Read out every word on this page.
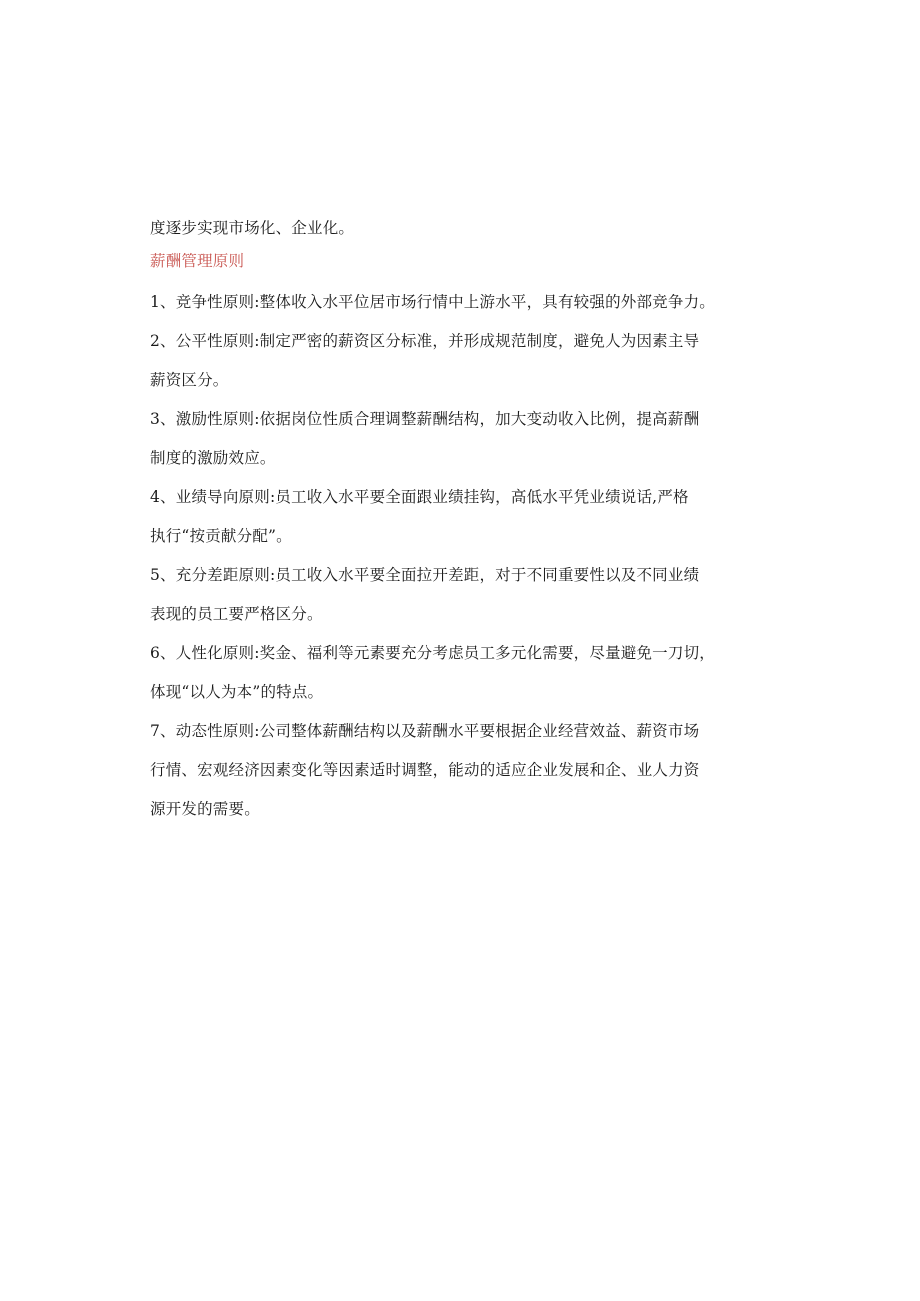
度逐步实现市场化、企业化。

薪酬管理原则

1、竞争性原则:整体收入水平位居市场行情中上游水平，具有较强的外部竞争力。

2、公平性原则:制定严密的薪资区分标准，并形成规范制度，避免人为因素主导

薪资区分。

3、激励性原则:依据岗位性质合理调整薪酬结构，加大变动收入比例，提高薪酬

制度的激励效应。

4、业绩导向原则:员工收入水平要全面跟业绩挂钩，高低水平凭业绩说话,严格

执行“按贡献分配”。

5、充分差距原则:员工收入水平要全面拉开差距，对于不同重要性以及不同业绩

表现的员工要严格区分。

6、人性化原则:奖金、福利等元素要充分考虑员工多元化需要，尽量避免一刀切，

体现“以人为本”的特点。

7、动态性原则:公司整体薪酬结构以及薪酬水平要根据企业经营效益、薪资市场

行情、宏观经济因素变化等因素适时调整，能动的适应企业发展和企、业人力资

源开发的需要。
